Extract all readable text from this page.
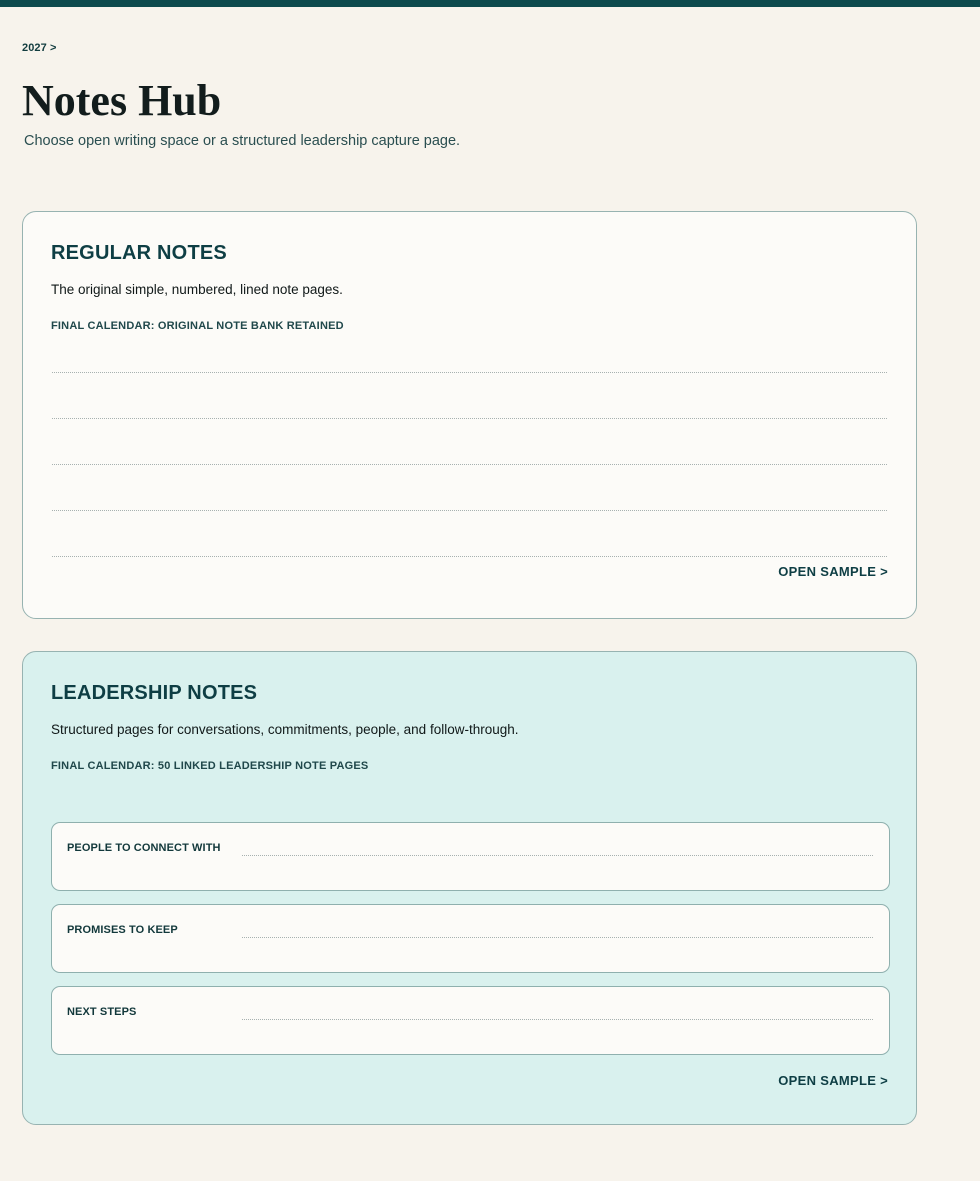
2027 >
Notes Hub
Choose open writing space or a structured leadership capture page.
REGULAR NOTES
The original simple, numbered, lined note pages.
FINAL CALENDAR: ORIGINAL NOTE BANK RETAINED
OPEN SAMPLE >
LEADERSHIP NOTES
Structured pages for conversations, commitments, people, and follow-through.
FINAL CALENDAR: 50 LINKED LEADERSHIP NOTE PAGES
PEOPLE TO CONNECT WITH
PROMISES TO KEEP
NEXT STEPS
OPEN SAMPLE >
